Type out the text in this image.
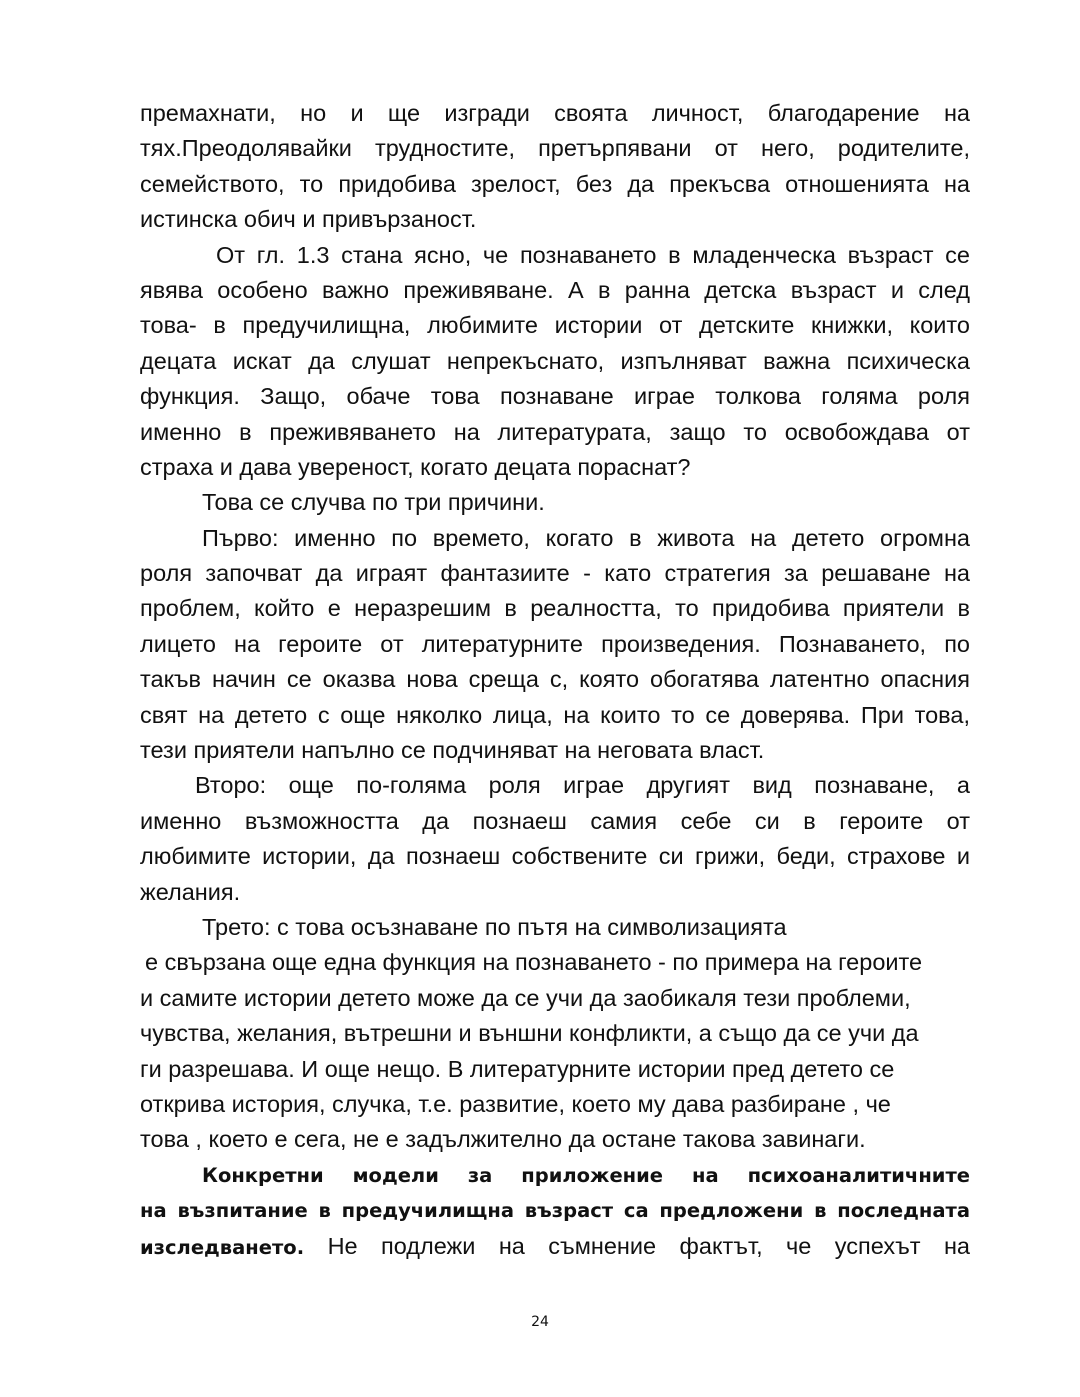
премахнати, но и ще изгради своята личност, благодарение на
тях.Преодолявайки трудностите, претърпявани от него, родителите,
семейството, то придобива зрелост, без да прекъсва отношенията на
истинска обич и привързаност.
От гл. 1.3 стана ясно, че познаването в младенческа възраст се
явява особено важно преживяване. А в ранна детска възраст и след
това- в предучилищна, любимите истории от детските книжки, които
децата искат да слушат непрекъснато, изпълняват важна психическа
функция. Защо, обаче това познаване играе толкова голяма роля
именно в преживяването на литературата, защо то освобождава от
страха и дава увереност, когато децата пораснат?
Това се случва по три причини.
Първо: именно по времето, когато в живота на детето огромна
роля започват да играят фантазиите - като стратегия за решаване на
проблем, който е неразрешим в реалността, то придобива приятели в
лицето на героите от литературните произведения. Познаването, по
такъв начин се оказва нова среща с, която обогатява латентно опасния
свят на детето с още няколко лица, на които то се доверява. При това,
тези приятели напълно се подчиняват на неговата власт.
Второ: още по-голяма роля играе другият вид познаване, а
именно възможността да познаеш самия себе си в героите от
любимите истории, да познаеш собствените си грижи, беди, страхове и
желания.
Трето: с това осъзнаване по пътя на символизацията
е свързана още една функция на познаването - по примера на героите
и самите истории детето може да се учи да заобикаля тези проблеми,
чувства, желания, вътрешни и външни конфликти, а също да се учи да
ги разрешава. И още нещо. В литературните истории пред детето се
открива история, случка, т.е. развитие, което му дава разбиране , че
това , което е сега, не е задължително да остане такова завинаги.
Конкретни модели за приложение на психоаналитичните
на възпитание в предучилищна възраст са предложени в последната
изследването. Не подлежи на съмнение фактът, че успехът на
24
